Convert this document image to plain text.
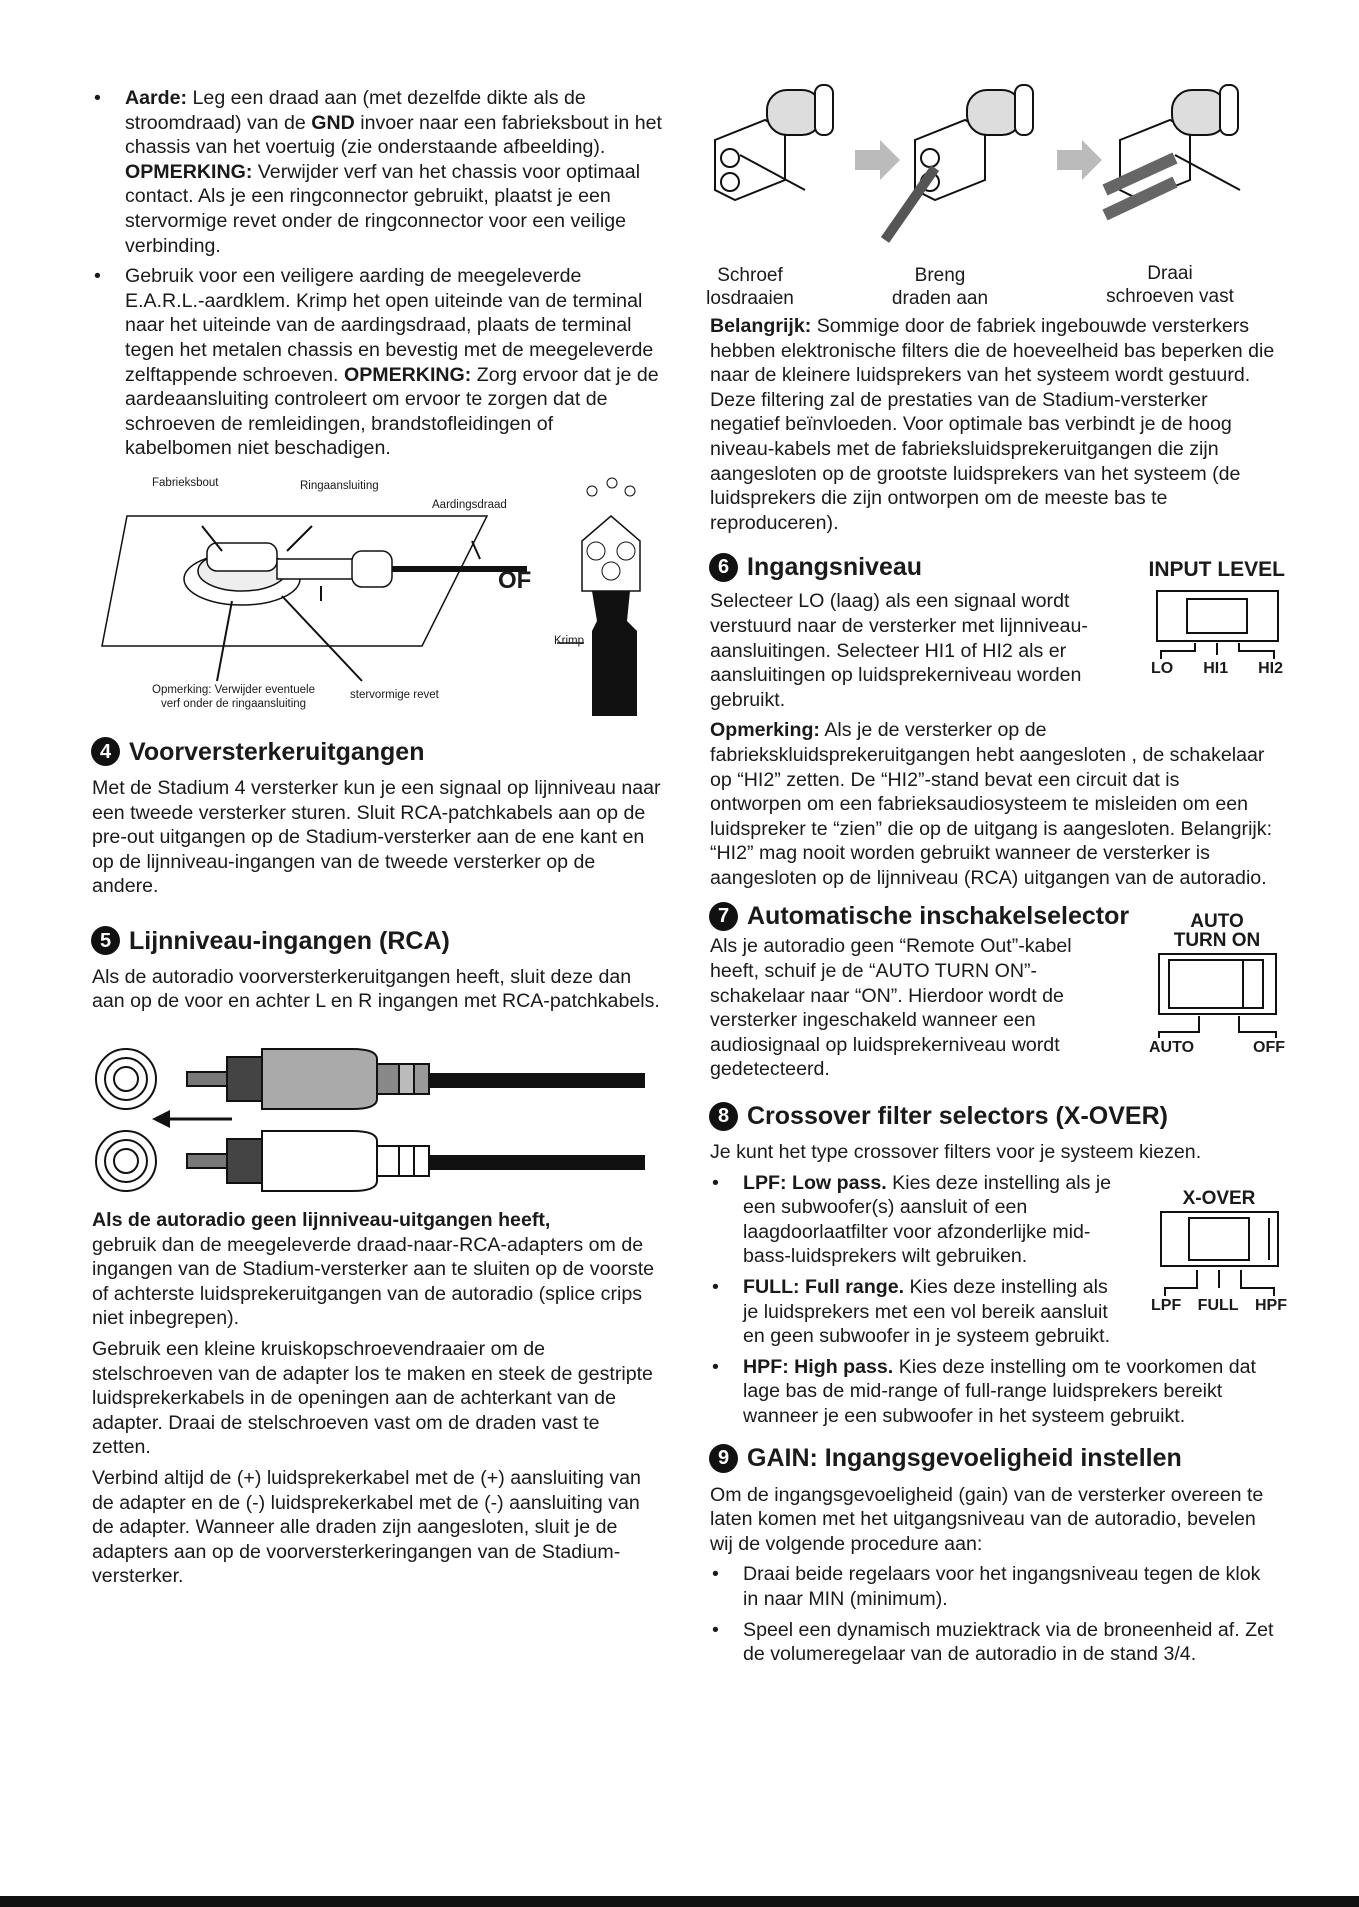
Schroef
losdraaien
Breng
draden aan
Draai
schroeven vast
• Aarde: Leg een draad aan (met dezelfde dikte als de stroomdraad) van de GND invoer naar een fabrieksbout in het chassis van het voertuig (zie onderstaande afbeelding). OPMERKING: Verwijder verf van het chassis voor optimaal contact. Als je een ringconnector gebruikt, plaatst je een stervormige revet onder de ringconnector voor een veilige verbinding.
• Gebruik voor een veiligere aarding de meegeleverde E.A.R.L.-aardklem. Krimp het open uiteinde van de terminal naar het uiteinde van de aardingsdraad, plaats de terminal tegen het metalen chassis en bevestig met de meegeleverde zelftappende schroeven. OPMERKING: Zorg ervoor dat je de aardeaansluiting controleert om ervoor te zorgen dat de schroeven de remleidingen, brandstofleidingen of kabelbomen niet beschadigen.
Fabrieksbout	Ringaansluiting
Aardingsdraad
OF
Krimp
Opmerking: Verwijder eventuele
verf onder de ringaansluiting
stervormige revet
4 Voorversterkeruitgangen

Met de Stadium 4 versterker kun je een signaal op lijnniveau naar een tweede versterker sturen. Sluit RCA-patchkabels aan op de pre-out uitgangen op de Stadium-versterker aan de ene kant en op de lijnniveau-ingangen van de tweede versterker op de andere.

5 Lijnniveau-ingangen (RCA)

Als de autoradio voorversterkeruitgangen heeft, sluit deze dan aan op de voor en achter L en R ingangen met RCA-patchkabels.

Als de autoradio geen lijnniveau-uitgangen heeft,

gebruik dan de meegeleverde draad-naar-RCA-adapters om de ingangen van de Stadium-versterker aan te sluiten op de voorste of achterste luidsprekeruitgangen van de autoradio (splice crips niet inbegrepen).

Gebruik een kleine kruiskopschroevendraaier om de stelschroeven van de adapter los te maken en steek de gestripte luidsprekerkabels in de openingen aan de achterkant van de adapter. Draai de stelschroeven vast om de draden vast te zetten.

Verbind altijd de (+) luidsprekerkabel met de (+) aansluiting van de adapter en de (-) luidsprekerkabel met de (-) aansluiting van de adapter. Wanneer alle draden zijn aangesloten, sluit je de adapters aan op de voorversterkeringangen van de Stadium-versterker.

Belangrijk: Sommige door de fabriek ingebouwde versterkers hebben elektronische filters die de hoeveelheid bas beperken die naar de kleinere luidsprekers van het systeem wordt gestuurd. Deze filtering zal de prestaties van de Stadium-versterker negatief beïnvloeden. Voor optimale bas verbindt je de hoog niveau-kabels met de fabrieksluidsprekeruitgangen die zijn aangesloten op de grootste luidsprekers van het systeem (de luidsprekers die zijn ontworpen om de meeste bas te reproduceren).
6 Ingangsniveau	INPUT LEVEL

Selecteer LO (laag) als een signaal wordt verstuurd naar de versterker met lijnniveau-aansluitingen. Selecteer HI1 of HI2 als er aansluitingen op luidsprekerniveau worden gebruikt.

LO HI1 HI2

Opmerking: Als je de versterker op de fabriekskluidsprekeruitgangen hebt aangesloten , de schakelaar op “HI2” zetten. De “HI2”-stand bevat een circuit dat is ontworpen om een fabrieksaudiosysteem te misleiden om een luidspreker te “zien” die op de uitgang is aangesloten. Belangrijk: “HI2” mag nooit worden gebruikt wanneer de versterker is aangesloten op de lijnniveau (RCA) uitgangen van de autoradio.

7 Automatische inschakelselector

Als je autoradio geen “Remote Out”-kabel heeft, schuif je de “AUTO TURN ON”-schakelaar naar “ON”. Hierdoor wordt de versterker ingeschakeld wanneer een audiosignaal op luidsprekerniveau wordt gedetecteerd.

AUTO
TURN ON
AUTO	OFF
8 Crossover filter selectors (X-OVER)

Je kunt het type crossover filters voor je systeem kiezen.

X-OVER
LPF FULL HPF
• LPF: Low pass. Kies deze instelling als je een subwoofer(s) aansluit of een laagdoorlaatfilter voor afzonderlijke mid-bass-luidsprekers wilt gebruiken.
• FULL: Full range. Kies deze instelling als je luidsprekers met een vol bereik aansluit en geen subwoofer in je systeem gebruikt.
• HPF: High pass. Kies deze instelling om te voorkomen dat lage bas de mid-range of full-range luidsprekers bereikt wanneer je een subwoofer in het systeem gebruikt.
9 GAIN: Ingangsgevoeligheid instellen

Om de ingangsgevoeligheid (gain) van de versterker overeen te laten komen met het uitgangsniveau van de autoradio, bevelen wij de volgende procedure aan:

• Draai beide regelaars voor het ingangsniveau tegen de klok in naar MIN (minimum).
• Speel een dynamisch muziektrack via de broneenheid af. Zet de volumeregelaar van de autoradio in de stand 3/4.
